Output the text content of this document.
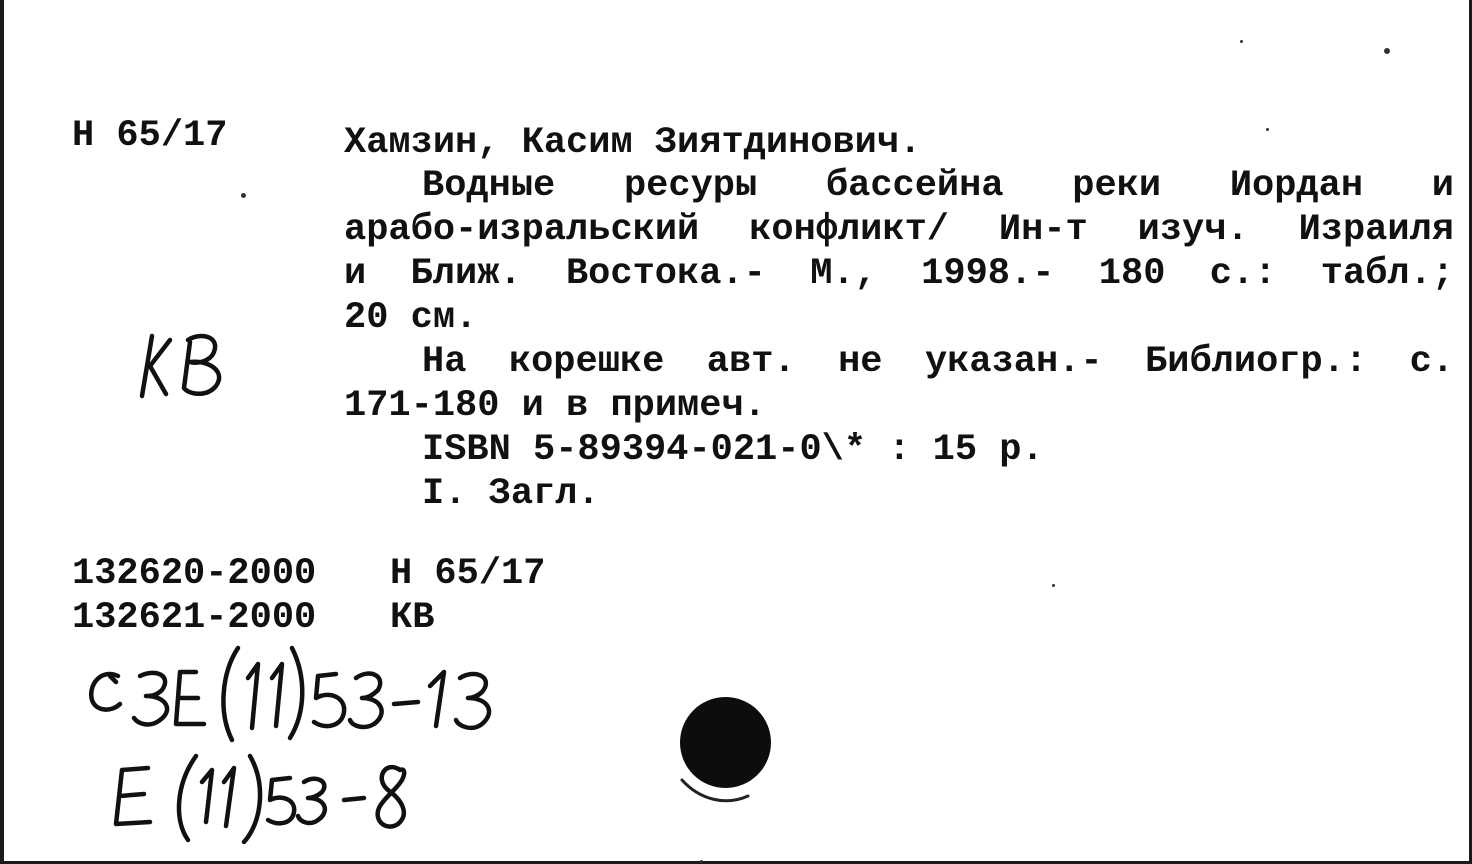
Н 65/17	Хамзин, Касим Зиятдинович.
Водные ресуры бассейна реки Иордан и
арабо-изральский конфликт/ Ин-т изуч. Израиля
и Ближ. Востока.- М., 1998.- 180 с.: табл.;
20 см.
На корешке авт. не указан.- Библиогр.: с.
171-180 и в примеч.
ISBN 5-89394-021-0\* : 15 р.
I. Загл.
132620-2000 Н 65/17
132621-2000 КВ
